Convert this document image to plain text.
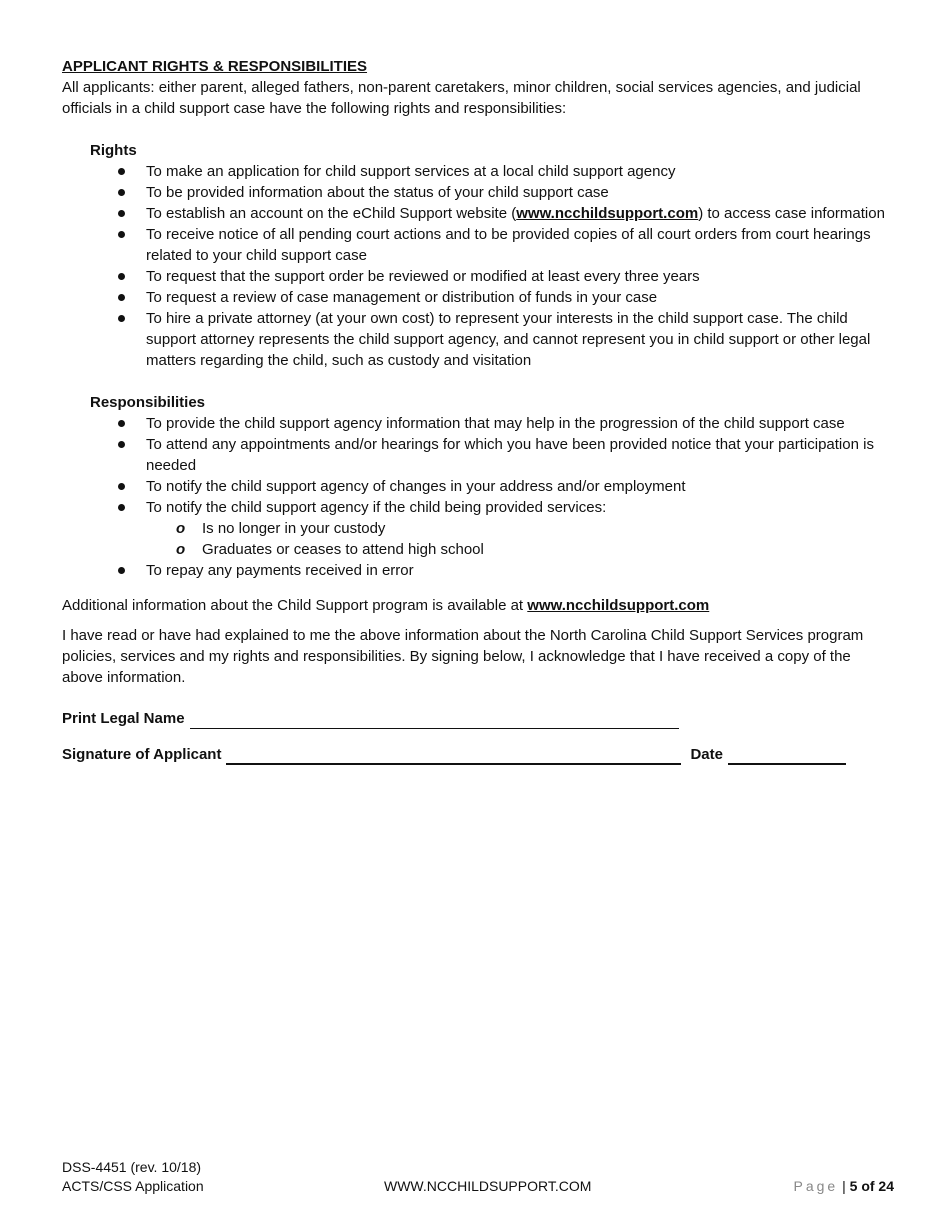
APPLICANT RIGHTS & RESPONSIBILITIES

All applicants: either parent, alleged fathers, non-parent caretakers, minor children, social services agencies, and judicial officials in a child support case have the following rights and responsibilities:

Rights
To make an application for child support services at a local child support agency
To be provided information about the status of your child support case
To establish an account on the eChild Support website (www.ncchildsupport.com) to access case information
To receive notice of all pending court actions and to be provided copies of all court orders from court hearings related to your child support case
To request that the support order be reviewed or modified at least every three years
To request a review of case management or distribution of funds in your case
To hire a private attorney (at your own cost) to represent your interests in the child support case. The child support attorney represents the child support agency, and cannot represent you in child support or other legal matters regarding the child, such as custody and visitation
Responsibilities
To provide the child support agency information that may help in the progression of the child support case
To attend any appointments and/or hearings for which you have been provided notice that your participation is needed
To notify the child support agency of changes in your address and/or employment
To notify the child support agency if the child being provided services:
o Is no longer in your custody
o Graduates or ceases to attend high school
To repay any payments received in error

Additional information about the Child Support program is available at www.ncchildsupport.com

I have read or have had explained to me the above information about the North Carolina Child Support Services program policies, services and my rights and responsibilities. By signing below, I acknowledge that I have received a copy of the above information.

Print Legal Name
Signature of Applicant	Date
DSS-4451 (rev. 10/18)
ACTS/CSS Application	WWW.NCCHILDSUPPORT.COM	Page | 5 of 24
